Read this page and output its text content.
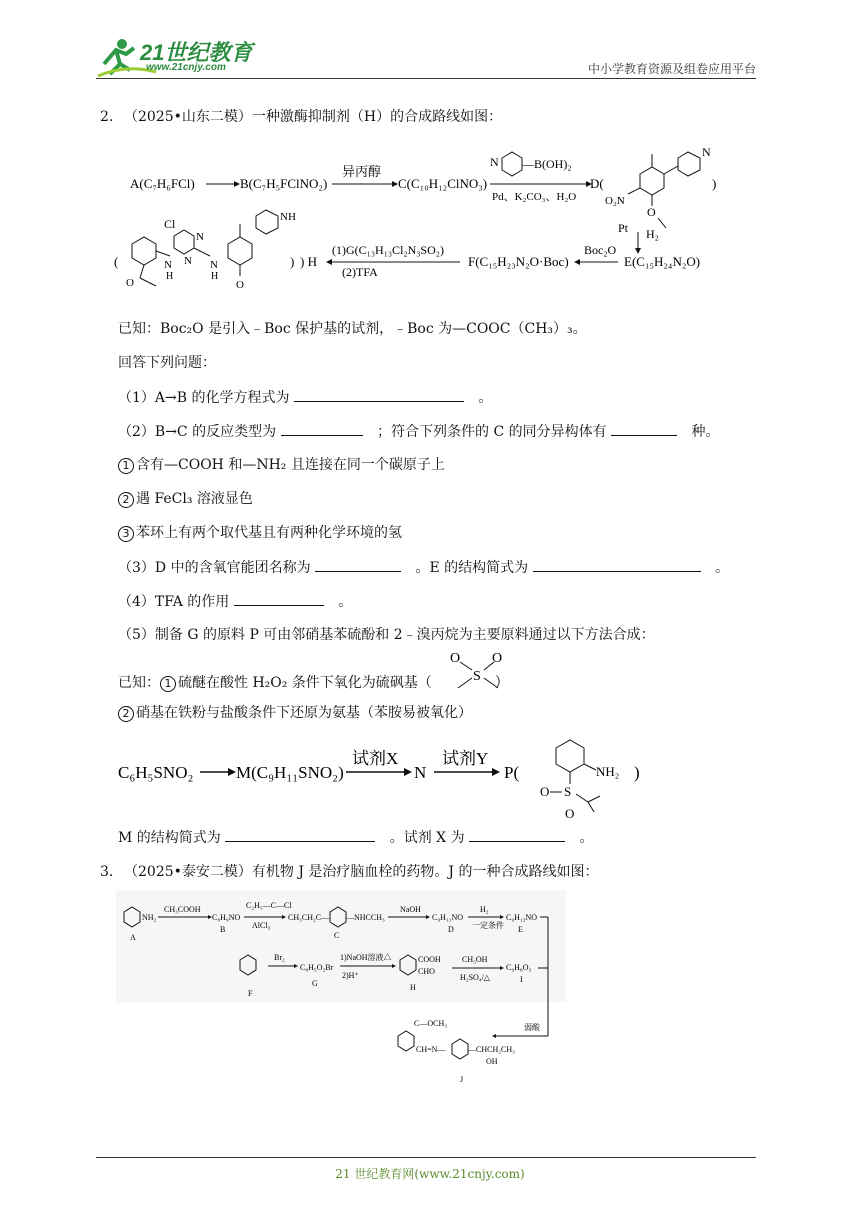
21世纪教育
www.21cnjy.com	中小学教育资源及组卷应用平台
2． （2025•山东二模）一种激酶抑制剂（H）的合成路线如图：
A(C₇H₆FCl)	B(C₇H₅FClNO₂)
异丙醇
C(C₁₀H₁₂ClNO₃)
Pd、K₂CO₃、H₂O
N —B(OH)₂
D(
N
O
O₂N
)
Pt H₂
E(C₁₅H₂₄N₂O)
Boc₂O
F(C₁₅H₂₃N₂O·Boc)
(1)G(C₁₃H₁₃Cl₂N₃SO₂)
(2)TFA
) H
(
Cl
N
N
N
H
N
H
NH
O
O
)
已知：Boc₂O 是引入﹣Boc 保护基的试剂，﹣Boc 为—COOC（CH₃）₃。
回答下列问题：
（1）A→B 的化学方程式为	。
（2）B→C 的反应类型为	；符合下列条件的 C 的同分异构体有	种。
1 含有—COOH 和—NH₂ 且连接在同一个碳原子上
2 遇 FeCl₃ 溶液显色
3 苯环上有两个取代基且有两种化学环境的氢
（3）D 中的含氧官能团名称为	。E 的结构简式为	。
（4）TFA 的作用	。
（5）制备 G 的原料 P 可由邻硝基苯硫酚和 2﹣溴丙烷为主要原料通过以下方法合成：
已知： 1 硫醚在酸性 H₂O₂ 条件下氧化为硫砜基（	）
O O
S
2 硝基在铁粉与盐酸条件下还原为氨基（苯胺易被氧化）
C₆H₅SNO₂	M(C₉H₁₁SNO₂)
试剂X
N
试剂Y
P(	NH₂
S
O
O
)
M 的结构简式为	。试剂 X 为	。
3． （2025•泰安二模）有机物 J 是治疗脑血栓的药物。J 的一种合成路线如图：
NH₂
A
CH₃COOH
C₈H₉NO
B
C₂H₅—C—Cl
AlCl₃
CH₃CH₂C— —NHCCH₃
C
NaOH
C₉H₁₁NO
D
H₂
一定条件
C₉H₁₃NO
E
F
Br₂
C₈H₅O₂Br
G
1)NaOH溶液△
2)H⁺
COOH
CHO
H
CH₃OH
H₂SO₄/△
C₉H₈O₃
I
弱酸
C—OCH₃
CH=N—	—CHCH₂CH₃
OH
J
21 世纪教育网(www.21cnjy.com)
